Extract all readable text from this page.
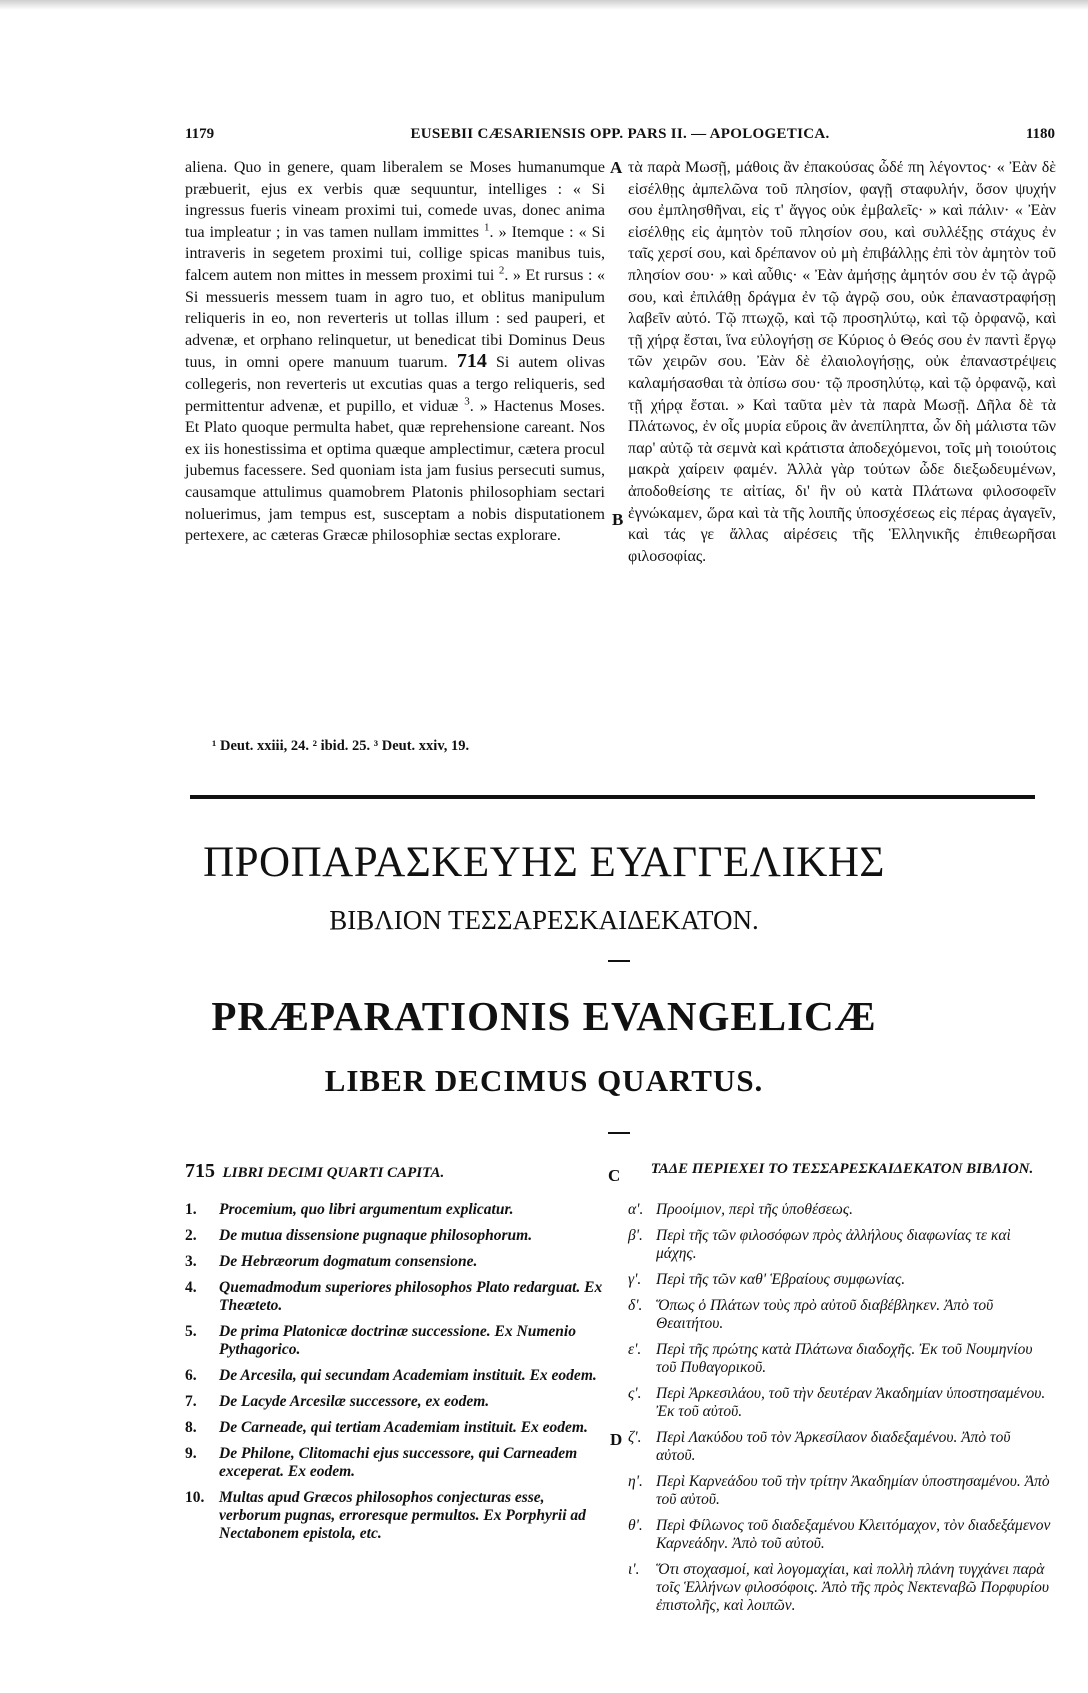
1179	EUSEBII CÆSARIENSIS OPP. PARS II. — APOLOGETICA.	1180

aliena. Quo in genere, quam liberalem se Moses humanumque præbuerit, ejus ex verbis quæ sequuntur, intelliges : « Si ingressus fueris vineam proximi tui, comede uvas, donec anima tua impleatur ; in vas tamen nullam immittes $^1$. » Itemque : « Si intraveris in segetem proximi tui, collige spicas manibus tuis, falcem autem non mittes in messem proximi tui $^2$. » Et rursus : « Si messueris messem tuam in agro tuo, et oblitus manipulum reliqueris in eo, non reverteris ut tollas illum : sed pauperi, et advenæ, et orphano relinquetur, ut benedicat tibi Dominus Deus tuus, in omni opere manuum tuarum. 714 Si autem olivas collegeris, non reverteris ut excutias quas a tergo reliqueris, sed permittentur advenæ, et pupillo, et viduæ $^3$. » Hactenus Moses. Et Plato quoque permulta habet, quæ reprehensione careant. Nos ex iis honestissima et optima quæque amplectimur, cætera procul jubemus facessere. Sed quoniam ista jam fusius persecuti sumus, causamque attulimus quamobrem Platonis philosophiam sectari noluerimus, jam tempus est, susceptam a nobis disputationem pertexere, ac cæteras Græcæ philosophiæ sectas explorare.

A
B

τὰ παρὰ Μωσῇ, μάθοις ἂν ἐπακούσας ὧδέ πη λέγοντος· « Ἐὰν δὲ εἰσέλθῃς ἀμπελῶνα τοῦ πλησίον, φαγῇ σταφυλήν, ὅσον ψυχήν σου ἐμπλησθῆναι, εἰς τ' ἄγγος οὐκ ἐμβαλεῖς· » καὶ πάλιν· « Ἐὰν εἰσέλθῃς εἰς ἀμητὸν τοῦ πλησίον σου, καὶ συλλέξῃς στάχυς ἐν ταῖς χερσί σου, καὶ δρέπανον οὐ μὴ ἐπιβάλλῃς ἐπὶ τὸν ἀμητὸν τοῦ πλησίον σου· » καὶ αὖθις· « Ἐὰν ἀμήσῃς ἀμητόν σου ἐν τῷ ἀγρῷ σου, καὶ ἐπιλάθῃ δράγμα ἐν τῷ ἀγρῷ σου, οὐκ ἐπαναστραφήσῃ λαβεῖν αὐτό. Τῷ πτωχῷ, καὶ τῷ προσηλύτῳ, καὶ τῷ ὀρφανῷ, καὶ τῇ χήρᾳ ἔσται, ἵνα εὐλογήσῃ σε Κύριος ὁ Θεός σου ἐν παντὶ ἔργῳ τῶν χειρῶν σου. Ἐὰν δὲ ἐλαιολογήσῃς, οὐκ ἐπαναστρέψεις καλαμήσασθαι τὰ ὀπίσω σου· τῷ προσηλύτῳ, καὶ τῷ ὀρφανῷ, καὶ τῇ χήρᾳ ἔσται. » Καὶ ταῦτα μὲν τὰ παρὰ Μωσῇ. Δῆλα δὲ τὰ Πλάτωνος, ἐν οἷς μυρία εὕροις ἂν ἀνεπίληπτα, ὧν δὴ μάλιστα τῶν παρ' αὐτῷ τὰ σεμνὰ καὶ κράτιστα ἀποδεχόμενοι, τοῖς μὴ τοιούτοις μακρὰ χαίρειν φαμέν. Ἀλλὰ γὰρ τούτων ὧδε διεξωδευμένων, ἀποδοθείσης τε αἰτίας, δι' ἣν οὐ κατὰ Πλάτωνα φιλοσοφεῖν ἐγνώκαμεν, ὥρα καὶ τὰ τῆς λοιπῆς ὑποσχέσεως εἰς πέρας ἀγαγεῖν, καὶ τάς γε ἄλλας αἱρέσεις τῆς Ἑλληνικῆς ἐπιθεωρῆσαι φιλοσοφίας.

¹ Deut. xxiii, 24. ² ibid. 25. ³ Deut. xxiv, 19.
ΠΡΟΠΑΡΑΣΚΕΥΗΣ ΕΥΑΓΓΕΛΙΚΗΣ
ΒΙΒΛΙΟΝ ΤΕΣΣΑΡΕΣΚΑΙΔΕΚΑΤΟΝ.
PRÆPARATIONIS EVANGELICÆ
LIBER DECIMUS QUARTUS.
715 LIBRI DECIMI QUARTI CAPITA.	C	ΤΑΔΕ ΠΕΡΙΕΧΕΙ ΤΟ ΤΕΣΣΑΡΕΣΚΑΙΔΕΚΑΤΟΝ ΒΙΒΛΙΟΝ.
1.	Procemium, quo libri argumentum explicatur.
2.	De mutua dissensione pugnaque philosophorum.
3.	De Hebræorum dogmatum consensione.
4.	Quemadmodum superiores philosophos Plato redarguat. Ex Theæteto.
5.	De prima Platonicæ doctrinæ successione. Ex Numenio Pythagorico.
6.	De Arcesila, qui secundam Academiam instituit. Ex eodem.
7.	De Lacyde Arcesilæ successore, ex eodem.
8.	De Carneade, qui tertiam Academiam instituit. Ex eodem.
9.	De Philone, Clitomachi ejus successore, qui Carneadem exceperat. Ex eodem.
10. Multas apud Græcos philosophos conjecturas esse, verborum pugnas, erroresque permultos. Ex Porphyrii ad Nectabonem epistola, etc.
D
α'. Προοίμιον, περὶ τῆς ὑποθέσεως.
β'. Περὶ τῆς τῶν φιλοσόφων πρὸς ἀλλήλους διαφωνίας τε καὶ μάχης.
γ'. Περὶ τῆς τῶν καθ' Ἑβραίους συμφωνίας.
δ'. Ὅπως ὁ Πλάτων τοὺς πρὸ αὐτοῦ διαβέβληκεν. Ἀπὸ τοῦ Θεαιτήτου.
ε'. Περὶ τῆς πρώτης κατὰ Πλάτωνα διαδοχῆς. Ἐκ τοῦ Νουμηνίου τοῦ Πυθαγορικοῦ.
ς'. Περὶ Ἀρκεσιλάου, τοῦ τὴν δευτέραν Ἀκαδημίαν ὑποστησαμένου. Ἐκ τοῦ αὐτοῦ.
ζ'. Περὶ Λακύδου τοῦ τὸν Ἀρκεσίλαον διαδεξαμένου. Ἀπὸ τοῦ αὐτοῦ.
η'. Περὶ Καρνεάδου τοῦ τὴν τρίτην Ἀκαδημίαν ὑποστησαμένου. Ἀπὸ τοῦ αὐτοῦ.
θ'. Περὶ Φίλωνος τοῦ διαδεξαμένου Κλειτόμαχον, τὸν διαδεξάμενον Καρνεάδην. Ἀπὸ τοῦ αὐτοῦ.
ι'.	Ὅτι στοχασμοί, καὶ λογομαχίαι, καὶ πολλὴ πλάνη τυγχάνει παρὰ τοῖς Ἑλλήνων φιλοσόφοις. Ἀπὸ τῆς πρὸς Νεκτεναβῶ Πορφυρίου ἐπιστολῆς, καὶ λοιπῶν.
